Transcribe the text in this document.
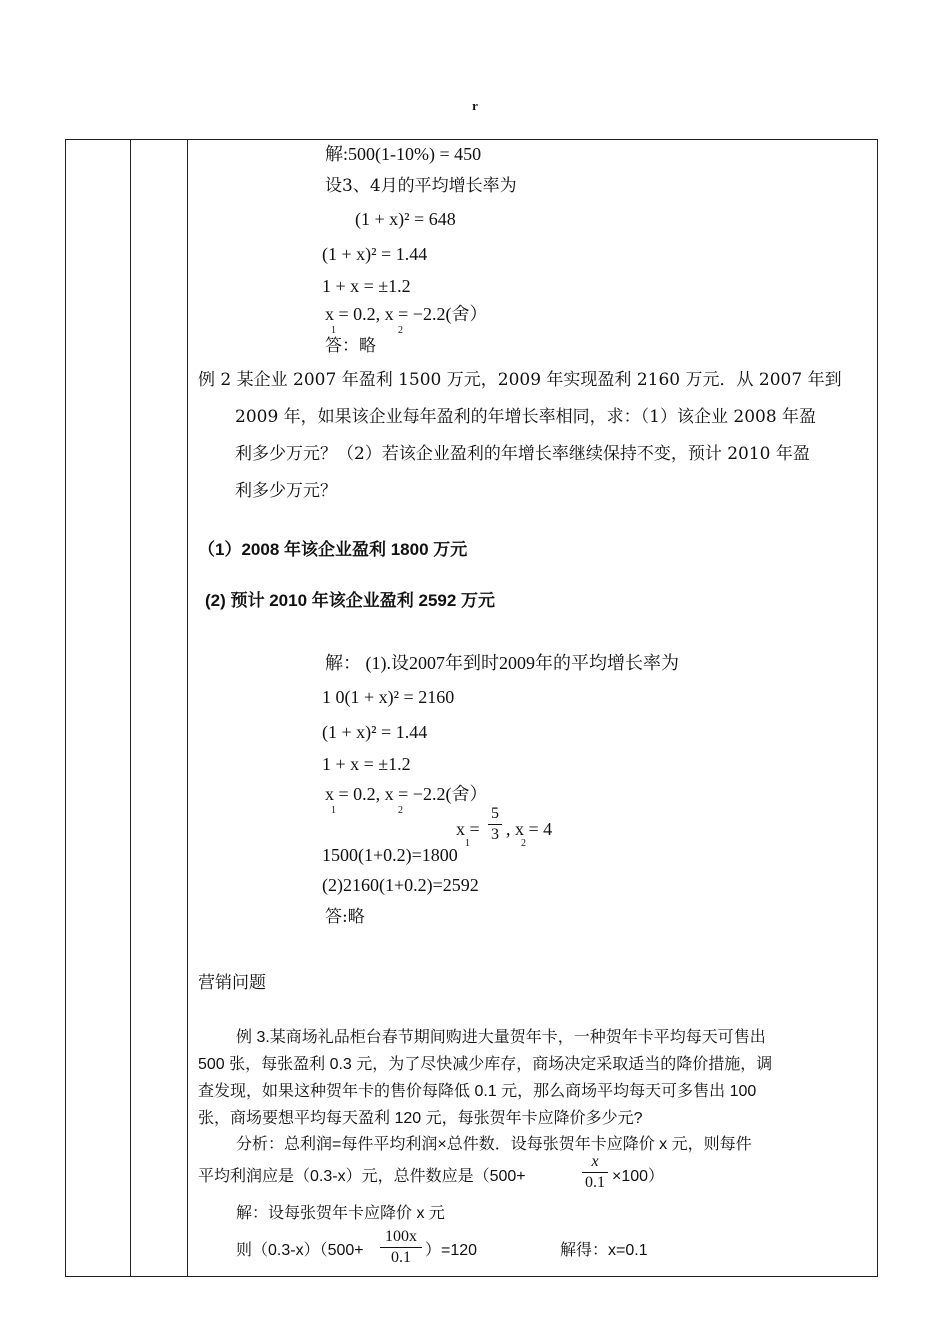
r
解:500(1-10%) = 450
设3、4月的平均增长率为
(1 + x)² = 648
(1 + x)² = 1.44
1 + x = ±1.2
x = 0.2, x = −2.2(舍）
1	2
答：略
例 2 某企业 2007 年盈利 1500 万元，2009 年实现盈利 2160 万元．从 2007 年到
2009 年，如果该企业每年盈利的年增长率相同，求：（1）该企业 2008 年盈
利多少万元？（2）若该企业盈利的年增长率继续保持不变，预计 2010 年盈
利多少万元？
（1）2008 年该企业盈利 1800 万元
(2) 预计 2010 年该企业盈利 2592 万元
解： (1).设2007年到时2009年的平均增长率为
1 0(1 + x)² = 2160
(1 + x)² = 1.44
1 + x = ±1.2
x = 0.2, x = −2.2(舍）
1	2
x =
5
3 , x = 4
1	2
1500(1+0.2)=1800
(2)2160(1+0.2)=2592
答:略
营销问题
例 3.某商场礼品柜台春节期间购进大量贺年卡，一种贺年卡平均每天可售出
500 张，每张盈利 0.3 元，为了尽快减少库存，商场决定采取适当的降价措施，调
查发现，如果这种贺年卡的售价每降低 0.1 元，那么商场平均每天可多售出 100
张，商场要想平均每天盈利 120 元，每张贺年卡应降价多少元?
分析：总利润=每件平均利润×总件数．设每张贺年卡应降价 x 元，则每件
平均利润应是（0.3-x）元，总件数应是（500+
x
0.1 ×100）
解：设每张贺年卡应降价 x 元
则（0.3-x）（500+
100x
0.1 ）=120	解得：x=0.1
